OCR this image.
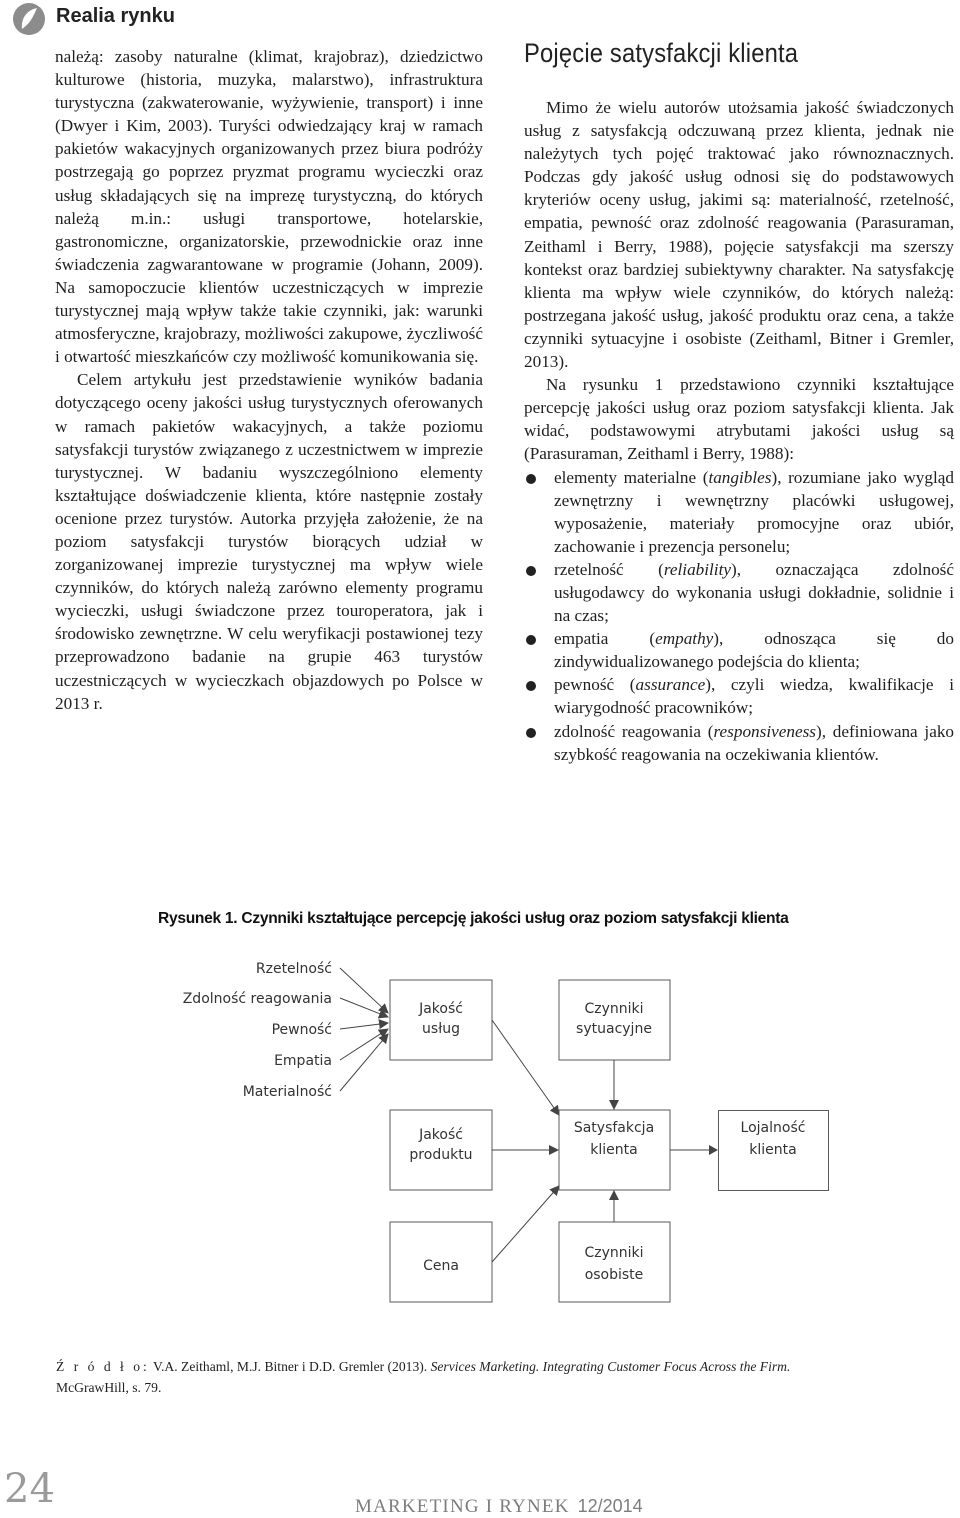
Realia rynku

należą: zasoby naturalne (klimat, krajobraz), dziedzictwo kulturowe (historia, muzyka, malarstwo), infrastruktura turystyczna (zakwaterowanie, wyżywienie, transport) i inne (Dwyer i Kim, 2003). Turyści odwiedzający kraj w ramach pakietów wakacyjnych organizowanych przez biura podróży postrzegają go poprzez pryzmat programu wycieczki oraz usług składających się na imprezę turystyczną, do których należą m.in.: usługi transportowe, hotelarskie, gastronomiczne, organizatorskie, przewodnickie oraz inne świadczenia zagwarantowane w programie (Johann, 2009). Na samopoczucie klientów uczestniczących w imprezie turystycznej mają wpływ także takie czynniki, jak: warunki atmosferyczne, krajobrazy, możliwości zakupowe, życzliwość i otwartość mieszkańców czy możliwość komunikowania się.

Celem artykułu jest przedstawienie wyników badania dotyczącego oceny jakości usług turystycznych oferowanych w ramach pakietów wakacyjnych, a także poziomu satysfakcji turystów związanego z uczestnictwem w imprezie turystycznej. W badaniu wyszczególniono elementy kształtujące doświadczenie klienta, które następnie zostały ocenione przez turystów. Autorka przyjęła założenie, że na poziom satysfakcji turystów biorących udział w zorganizowanej imprezie turystycznej ma wpływ wiele czynników, do których należą zarówno elementy programu wycieczki, usługi świadczone przez touroperatora, jak i środowisko zewnętrzne. W celu weryfikacji postawionej tezy przeprowadzono badanie na grupie 463 turystów uczestniczących w wycieczkach objazdowych po Polsce w 2013 r.

Pojęcie satysfakcji klienta

Mimo że wielu autorów utożsamia jakość świadczonych usług z satysfakcją odczuwaną przez klienta, jednak nie należytych tych pojęć traktować jako równoznacznych. Podczas gdy jakość usług odnosi się do podstawowych kryteriów oceny usług, jakimi są: materialność, rzetelność, empatia, pewność oraz zdolność reagowania (Parasuraman, Zeithaml i Berry, 1988), pojęcie satysfakcji ma szerszy kontekst oraz bardziej subiektywny charakter. Na satysfakcję klienta ma wpływ wiele czynników, do których należą: postrzegana jakość usług, jakość produktu oraz cena, a także czynniki sytuacyjne i osobiste (Zeithaml, Bitner i Gremler, 2013).

Na rysunku 1 przedstawiono czynniki kształtujące percepcję jakości usług oraz poziom satysfakcji klienta. Jak widać, podstawowymi atrybutami jakości usług są (Parasuraman, Zeithaml i Berry, 1988):

elementy materialne (tangibles), rozumiane jako wygląd zewnętrzny i wewnętrzny placówki usługowej, wyposażenie, materiały promocyjne oraz ubiór, zachowanie i prezencja personelu;
rzetelność (reliability), oznaczająca zdolność usługodawcy do wykonania usługi dokładnie, solidnie i na czas;
empatia (empathy), odnosząca się do zindywidualizowanego podejścia do klienta;
pewność (assurance), czyli wiedza, kwalifikacje i wiarygodność pracowników;
zdolność reagowania (responsiveness), definiowana jako szybkość reagowania na oczekiwania klientów.
Rysunek 1. Czynniki kształtujące percepcję jakości usług oraz poziom satysfakcji klienta
Rzetelność
Zdolność reagowania
Pewność
Empatia
Materialność
Jakość
usług
Czynniki
sytuacyjne
Jakość
produktu
Satysfakcja
klienta
Cena
Czynniki
osobiste
Lojalność
klienta
Ź r ó d ł o: V.A. Zeithaml, M.J. Bitner i D.D. Gremler (2013). Services Marketing. Integrating Customer Focus Across the Firm.
McGrawHill, s. 79.
24	MARKETING I RYNEK 12/2014
